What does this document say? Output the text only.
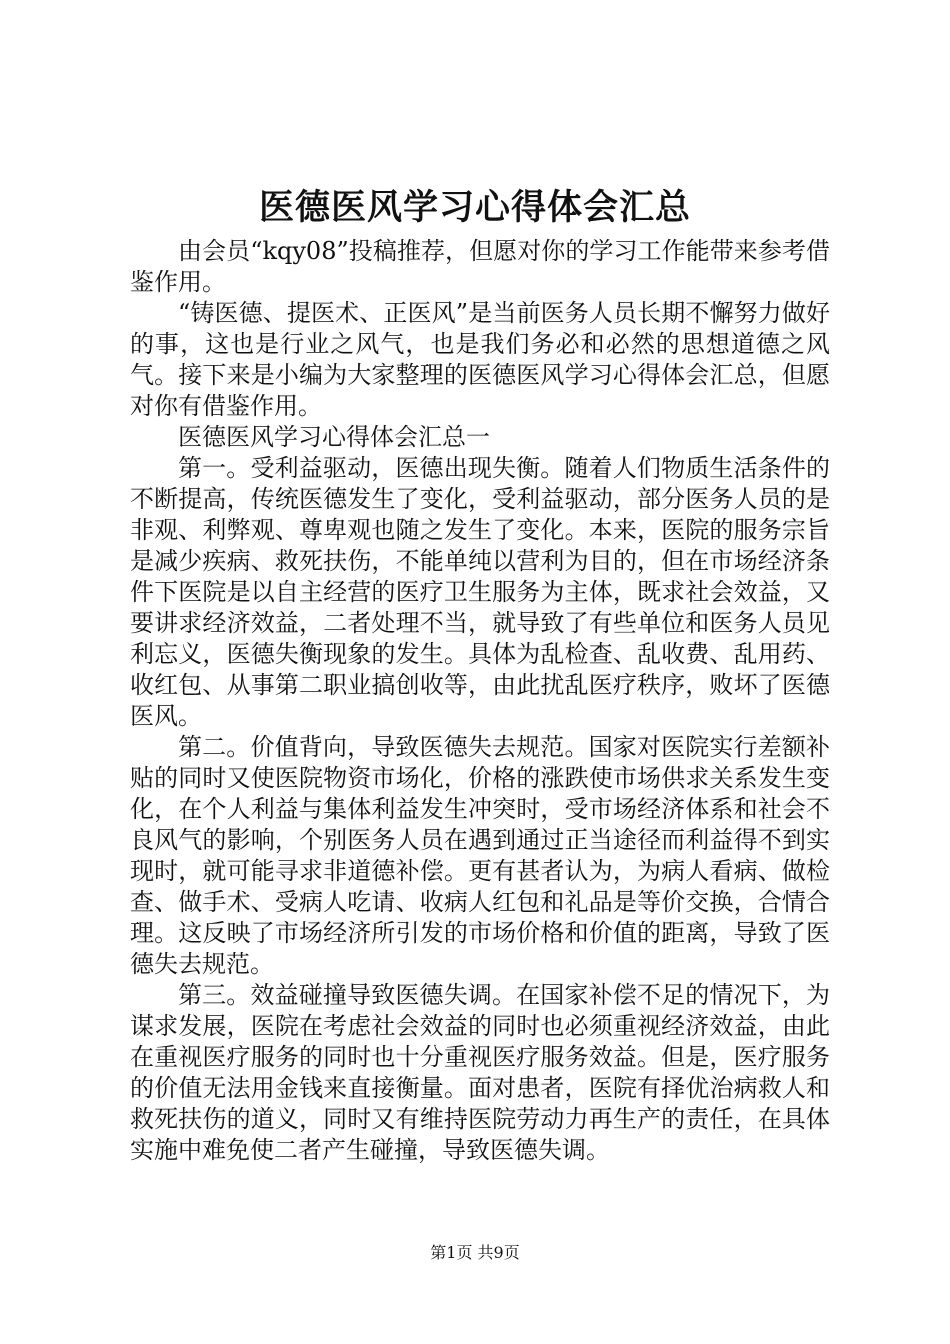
医德医风学习心得体会汇总

由会员“kqy08”投稿推荐，但愿对你的学习工作能带来参考借鉴作用。

“铸医德、提医术、正医风”是当前医务人员长期不懈努力做好的事，这也是行业之风气，也是我们务必和必然的思想道德之风气。接下来是小编为大家整理的医德医风学习心得体会汇总，但愿对你有借鉴作用。

医德医风学习心得体会汇总一

第一。受利益驱动，医德出现失衡。随着人们物质生活条件的不断提高，传统医德发生了变化，受利益驱动，部分医务人员的是非观、利弊观、尊卑观也随之发生了变化。本来，医院的服务宗旨是减少疾病、救死扶伤，不能单纯以营利为目的，但在市场经济条件下医院是以自主经营的医疗卫生服务为主体，既求社会效益，又要讲求经济效益，二者处理不当，就导致了有些单位和医务人员见利忘义，医德失衡现象的发生。具体为乱检查、乱收费、乱用药、收红包、从事第二职业搞创收等，由此扰乱医疗秩序，败坏了医德医风。

第二。价值背向，导致医德失去规范。国家对医院实行差额补贴的同时又使医院物资市场化，价格的涨跌使市场供求关系发生变化，在个人利益与集体利益发生冲突时，受市场经济体系和社会不良风气的影响，个别医务人员在遇到通过正当途径而利益得不到实现时，就可能寻求非道德补偿。更有甚者认为，为病人看病、做检查、做手术、受病人吃请、收病人红包和礼品是等价交换，合情合理。这反映了市场经济所引发的市场价格和价值的距离，导致了医德失去规范。

第三。效益碰撞导致医德失调。在国家补偿不足的情况下，为谋求发展，医院在考虑社会效益的同时也必须重视经济效益，由此在重视医疗服务的同时也十分重视医疗服务效益。但是，医疗服务的价值无法用金钱来直接衡量。面对患者，医院有择优治病救人和救死扶伤的道义，同时又有维持医院劳动力再生产的责任，在具体实施中难免使二者产生碰撞，导致医德失调。

第1页 共9页
